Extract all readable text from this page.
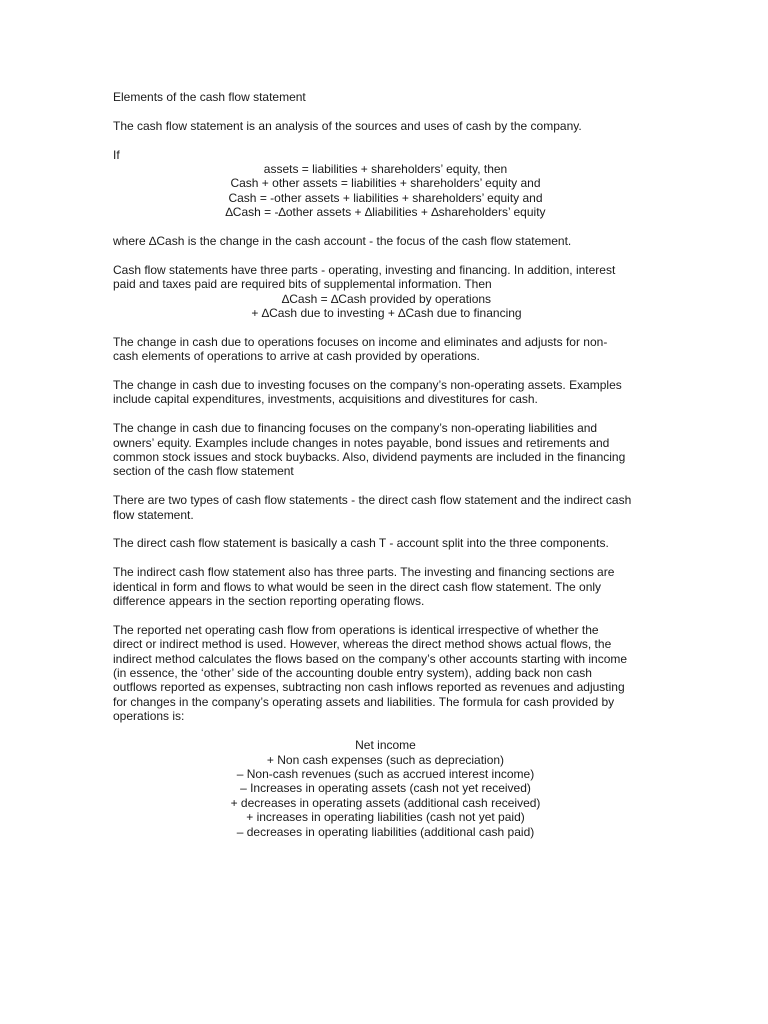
Elements of the cash flow statement

The cash flow statement is an analysis of the sources and uses of cash by the company.

If

assets = liabilities + shareholders’ equity, then
Cash + other assets = liabilities + shareholders’ equity and
Cash = -other assets + liabilities + shareholders’ equity and
∆Cash = -∆other assets + ∆liabilities + ∆shareholders’ equity

where ∆Cash is the change in the cash account - the focus of the cash flow statement.

Cash flow statements have three parts - operating, investing and financing. In addition, interest
paid and taxes paid are required bits of supplemental information. Then
∆Cash = ∆Cash provided by operations
+ ∆Cash due to investing + ∆Cash due to financing

The change in cash due to operations focuses on income and eliminates and adjusts for non-
cash elements of operations to arrive at cash provided by operations.

The change in cash due to investing focuses on the company’s non-operating assets. Examples
include capital expenditures, investments, acquisitions and divestitures for cash.

The change in cash due to financing focuses on the company’s non-operating liabilities and
owners’ equity. Examples include changes in notes payable, bond issues and retirements and
common stock issues and stock buybacks. Also, dividend payments are included in the financing
section of the cash flow statement

There are two types of cash flow statements - the direct cash flow statement and the indirect cash
flow statement.

The direct cash flow statement is basically a cash T - account split into the three components.

The indirect cash flow statement also has three parts. The investing and financing sections are
identical in form and flows to what would be seen in the direct cash flow statement. The only
difference appears in the section reporting operating flows.

The reported net operating cash flow from operations is identical irrespective of whether the
direct or indirect method is used. However, whereas the direct method shows actual flows, the
indirect method calculates the flows based on the company’s other accounts starting with income
(in essence, the ‘other’ side of the accounting double entry system), adding back non cash
outflows reported as expenses, subtracting non cash inflows reported as revenues and adjusting
for changes in the company’s operating assets and liabilities. The formula for cash provided by
operations is:

Net income
+ Non cash expenses (such as depreciation)
– Non-cash revenues (such as accrued interest income)
– Increases in operating assets (cash not yet received)
+ decreases in operating assets (additional cash received)
+ increases in operating liabilities (cash not yet paid)
– decreases in operating liabilities (additional cash paid)
